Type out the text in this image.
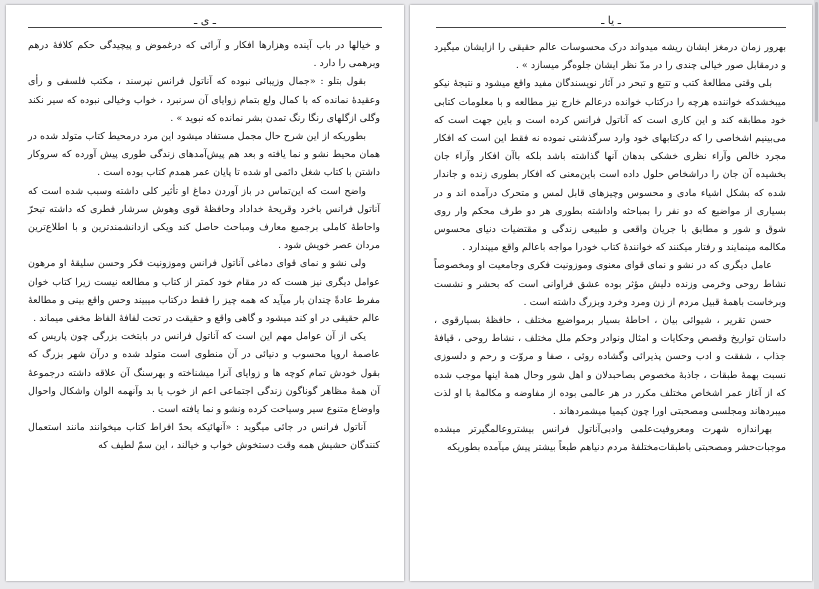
ـ ی ـ

و خیالها در باب آینده وهزارها افکار و آرائی که درغموض و پیچیدگی حکم کلافهٔ درهم وبرهمی را دارد .

بقول بتلو : «جمال وزیبائی نبوده که آناتول فرانس نپرسند ، مکتب فلسفی و رأی وعقیدهٔ نمانده که با کمال ولع بتمام زوایای آن سرنبرد ، خواب وخیالی نبوده که سیر نکند وگلی ازگلهای رنگا رنگ تمدن بشر نمانده که نبوید » .

بطوریکه از این شرح حال مجمل مستفاد میشود این مرد درمحیط کتاب متولد شده در همان محیط نشو و نما یافته و بعد هم پیش‌آمدهای زندگی طوری پیش آورده که سروکار داشتن با کتاب شغل دائمی او شده تا پایان عمر همدم کتاب بوده است .

واضح است که این‌تماس در باز آوردن دماغ او تأثیر کلی داشته وسبب شده است که آناتول فرانس باخرد وقریحهٔ خداداد وحافظهٔ قوی وهوش سرشار فطری که داشته تبحرّ واحاطهٔ کاملی برجمیع معارف ومباحث حاصل کند ویکی ازدانشمندترین و با اطلاع‌ترین مردان عصر خویش شود .

ولی نشو و نمای قوای دماغی آناتول فرانس وموزونیت فکر وحسن سلیقهٔ او مرهون عوامل دیگری نیز هست که در مقام خود کمتر از کتاب و مطالعه نیست زیرا کتاب خوان مفرط عادةً چندان بار میآید که همه چیز را فقط درکتاب میبیند وحس واقع بینی و مطالعهٔ عالم حقیقی در او کند میشود و گاهی واقع و حقیقت در تحت لفافهٔ الفاظ مخفی میماند .

یکی از آن عوامل مهم این است که آناتول فرانس در بابتخت بزرگی چون پاریس که عاصمهٔ اروپا محسوب و دنیائی در آن منطوی است متولد شده و درآن شهر بزرگ که بقول خودش تمام کوچه ها و زوایای آنرا میشناخته و بهرسنگ آن علاقه داشته درجموعهٔ آن همهٔ مظاهر گوناگون زندگی اجتماعی اعم از خوب یا بد وآنهمه الوان واشکال واحوال واوضاع متنوع سیر وسیاحت کرده ونشو و نما یافته است .

آناتول فرانس در جائی میگوید : «آنهائیکه بحدّ افراط کتاب میخوانند مانند استعمال کنندگان حشیش همه وقت دستخوش خواب و خیالند ، این سمّ لطیف که

ـ یا ـ

بهرور زمان درمغز ایشان ریشه میدواند درک محسوسات عالم حقیقی را ازایشان میگیرد و درمقابل صور خیالی چندی را در مدّ نظر ایشان جلوه‌گر میسازد » .

بلی وقتی مطالعهٔ کتب و تتبع و تبحر در آثار نویسندگان مفید واقع میشود و نتیجهٔ نیکو میبخشدکه خواننده هرچه را درکتاب خوانده درعالم خارج نیز مطالعه و با معلومات کتابی خود مطابقه کند و این کاری است که آناتول فرانس کرده است و باین جهت است که می‌بینیم اشخاصی را که درکتابهای خود وارد سرگذشتی نموده نه فقط این است که افکار مجرد خالص وآراء نظری خشکی بدهان آنها گذاشته باشد بلکه باآن افکار وآراء جان بخشیده آن جان را دراشخاص حلول داده است باین‌معنی که افکار بطوری زنده و جاندار شده که بشکل اشیاء مادی و محسوس وچیزهای قابل لمس و متحرک درآمده اند و در بسیاری از مواضیع که دو نفر را بمباحثه واداشته بطوری هر دو طرف محکم وار روی شوق و شور و مطابق با جریان واقعی و طبیعی زندگی و مقتضیات دنیای محسوس مکالمه مینمایند و رفتار میکنند که خوانندهٔ کتاب خودرا مواجه باعالم واقع میپندارد .

عامل دیگری که در نشو و نمای قوای معنوی وموزونیت فکری وجامعیت او ومخصوصاً نشاط روحی وخرمی وزنده دلیش مؤثر بوده عشق فراوانی است که بحشر و نشست وبرخاست باهمهٔ قبیل مردم از زن ومرد وخرد وبزرگ داشته است .

حسن تقریر ، شیوائی بیان ، احاطهٔ بسیار برمواضیع مختلف ، حافظهٔ بسیارقوی ، داستان تواریخ وقصص وحکایات و امثال ونوادر وحکم ملل مختلف ، نشاط روحی ، قیافهٔ جذاب ، شفقت و ادب وحسن پذیرائی وگشاده روئی ، صفا و مروّت و رحم و دلسوزی نسبت بهمهٔ طبقات ، جاذبهٔ مخصوص بصاحبدلان و اهل شور وحال همهٔ اینها موجب شده که از آغاز عمر اشخاص مختلف مکرر در هر عالمی بوده از مفاوضه و مکالمهٔ با او لذت میبردهاند ومجلسی ومصحبتی اورا چون کیمیا میشمردهاند .

بهراندازه شهرت ومعروفیت‌علمی وادبی‌آناتول فرانس بیشترو‌عالمگیر‌تر میشده موجبات‌حشر ومصحبتی باطبقات‌مختلفهٔ مردم دنیاهم طبعاً بیشتر پیش میآمده بطوریکه
